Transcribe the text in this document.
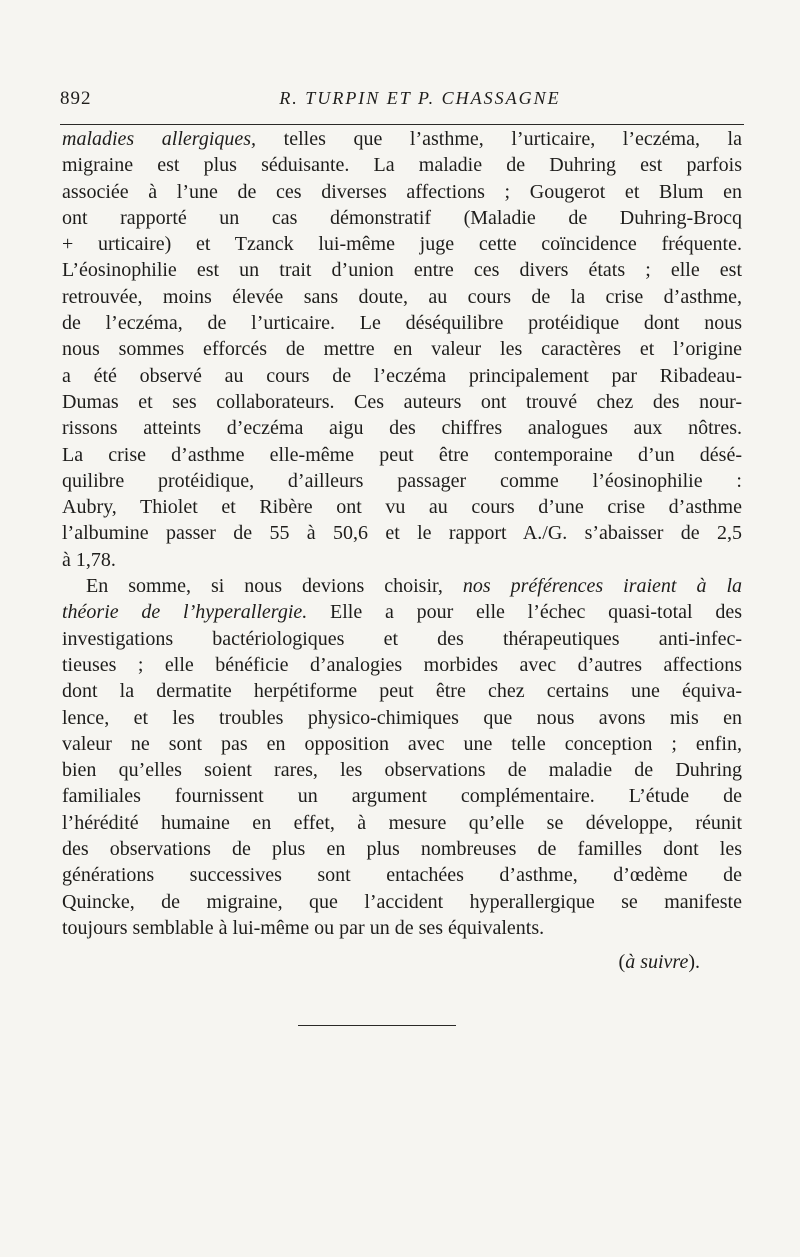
892	R. TURPIN ET P. CHASSAGNE
maladies allergiques, telles que l’asthme, l’urticaire, l’eczéma, la
migraine est plus séduisante. La maladie de Duhring est parfois
associée à l’une de ces diverses affections ; Gougerot et Blum en
ont rapporté un cas démonstratif (Maladie de Duhring-Brocq
+ urticaire) et Tzanck lui-même juge cette coïncidence fréquente.
L’éosinophilie est un trait d’union entre ces divers états ; elle est
retrouvée, moins élevée sans doute, au cours de la crise d’asthme,
de l’eczéma, de l’urticaire. Le déséquilibre protéidique dont nous
nous sommes efforcés de mettre en valeur les caractères et l’origine
a été observé au cours de l’eczéma principalement par Ribadeau-
Dumas et ses collaborateurs. Ces auteurs ont trouvé chez des nour-
rissons atteints d’eczéma aigu des chiffres analogues aux nôtres.
La crise d’asthme elle-même peut être contemporaine d’un désé-
quilibre protéidique, d’ailleurs passager comme l’éosinophilie :
Aubry, Thiolet et Ribère ont vu au cours d’une crise d’asthme
l’albumine passer de 55 à 50,6 et le rapport A./G. s’abaisser de 2,5
à 1,78.
En somme, si nous devions choisir, nos préférences iraient à la
théorie de l’hyperallergie. Elle a pour elle l’échec quasi-total des
investigations bactériologiques et des thérapeutiques anti-infec-
tieuses ; elle bénéficie d’analogies morbides avec d’autres affections
dont la dermatite herpétiforme peut être chez certains une équiva-
lence, et les troubles physico-chimiques que nous avons mis en
valeur ne sont pas en opposition avec une telle conception ; enfin,
bien qu’elles soient rares, les observations de maladie de Duhring
familiales fournissent un argument complémentaire. L’étude de
l’hérédité humaine en effet, à mesure qu’elle se développe, réunit
des observations de plus en plus nombreuses de familles dont les
générations successives sont entachées d’asthme, d’œdème de
Quincke, de migraine, que l’accident hyperallergique se manifeste
toujours semblable à lui-même ou par un de ses équivalents.
(à suivre).
